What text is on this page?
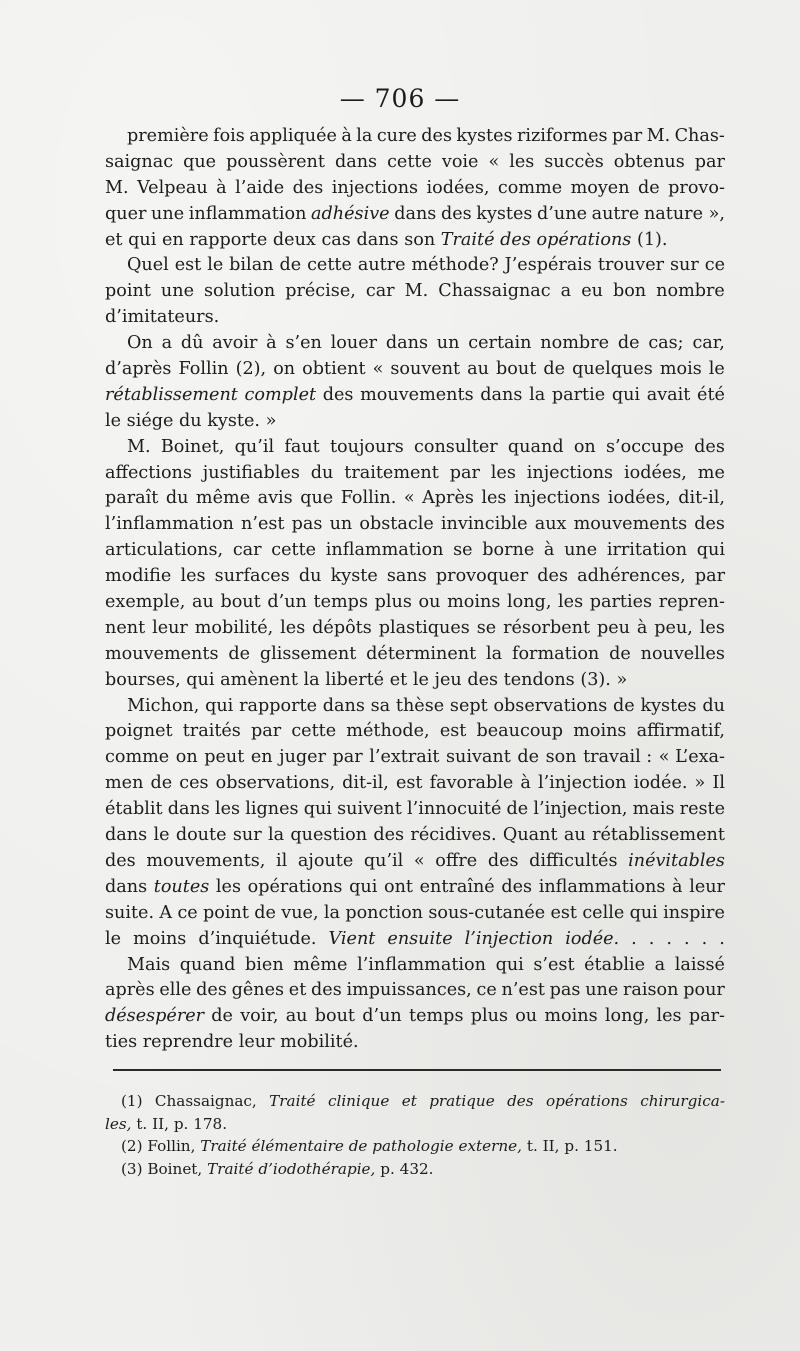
— 706 —
première fois appliquée à la cure des kystes riziformes par M. Chas-
saignac que poussèrent dans cette voie « les succès obtenus par
M. Velpeau à l’aide des injections iodées, comme moyen de provo-
quer une inflammation adhésive dans des kystes d’une autre nature »,
et qui en rapporte deux cas dans son Traité des opérations (1).
Quel est le bilan de cette autre méthode? J’espérais trouver sur ce
point une solution précise, car M. Chassaignac a eu bon nombre
d’imitateurs.
On a dû avoir à s’en louer dans un certain nombre de cas; car,
d’après Follin (2), on obtient « souvent au bout de quelques mois le
rétablissement complet des mouvements dans la partie qui avait été
le siége du kyste. »
M. Boinet, qu’il faut toujours consulter quand on s’occupe des
affections justifiables du traitement par les injections iodées, me
paraît du même avis que Follin. « Après les injections iodées, dit-il,
l’inflammation n’est pas un obstacle invincible aux mouvements des
articulations, car cette inflammation se borne à une irritation qui
modifie les surfaces du kyste sans provoquer des adhérences, par
exemple, au bout d’un temps plus ou moins long, les parties repren-
nent leur mobilité, les dépôts plastiques se résorbent peu à peu, les
mouvements de glissement déterminent la formation de nouvelles
bourses, qui amènent la liberté et le jeu des tendons (3). »
Michon, qui rapporte dans sa thèse sept observations de kystes du
poignet traités par cette méthode, est beaucoup moins affirmatif,
comme on peut en juger par l’extrait suivant de son travail : « L’exa-
men de ces observations, dit-il, est favorable à l’injection iodée. » Il
établit dans les lignes qui suivent l’innocuité de l’injection, mais reste
dans le doute sur la question des récidives. Quant au rétablissement
des mouvements, il ajoute qu’il « offre des difficultés inévitables
dans toutes les opérations qui ont entraîné des inflammations à leur
suite. A ce point de vue, la ponction sous-cutanée est celle qui inspire
le moins d’inquiétude. Vient ensuite l’injection iodée. . . . . . .
Mais quand bien même l’inflammation qui s’est établie a laissé
après elle des gênes et des impuissances, ce n’est pas une raison pour
désespérer de voir, au bout d’un temps plus ou moins long, les par-
ties reprendre leur mobilité.
(1) Chassaignac, Traité clinique et pratique des opérations chirurgica-
les, t. II, p. 178.
(2) Follin, Traité élémentaire de pathologie externe, t. II, p. 151.
(3) Boinet, Traité d’iodothérapie, p. 432.
